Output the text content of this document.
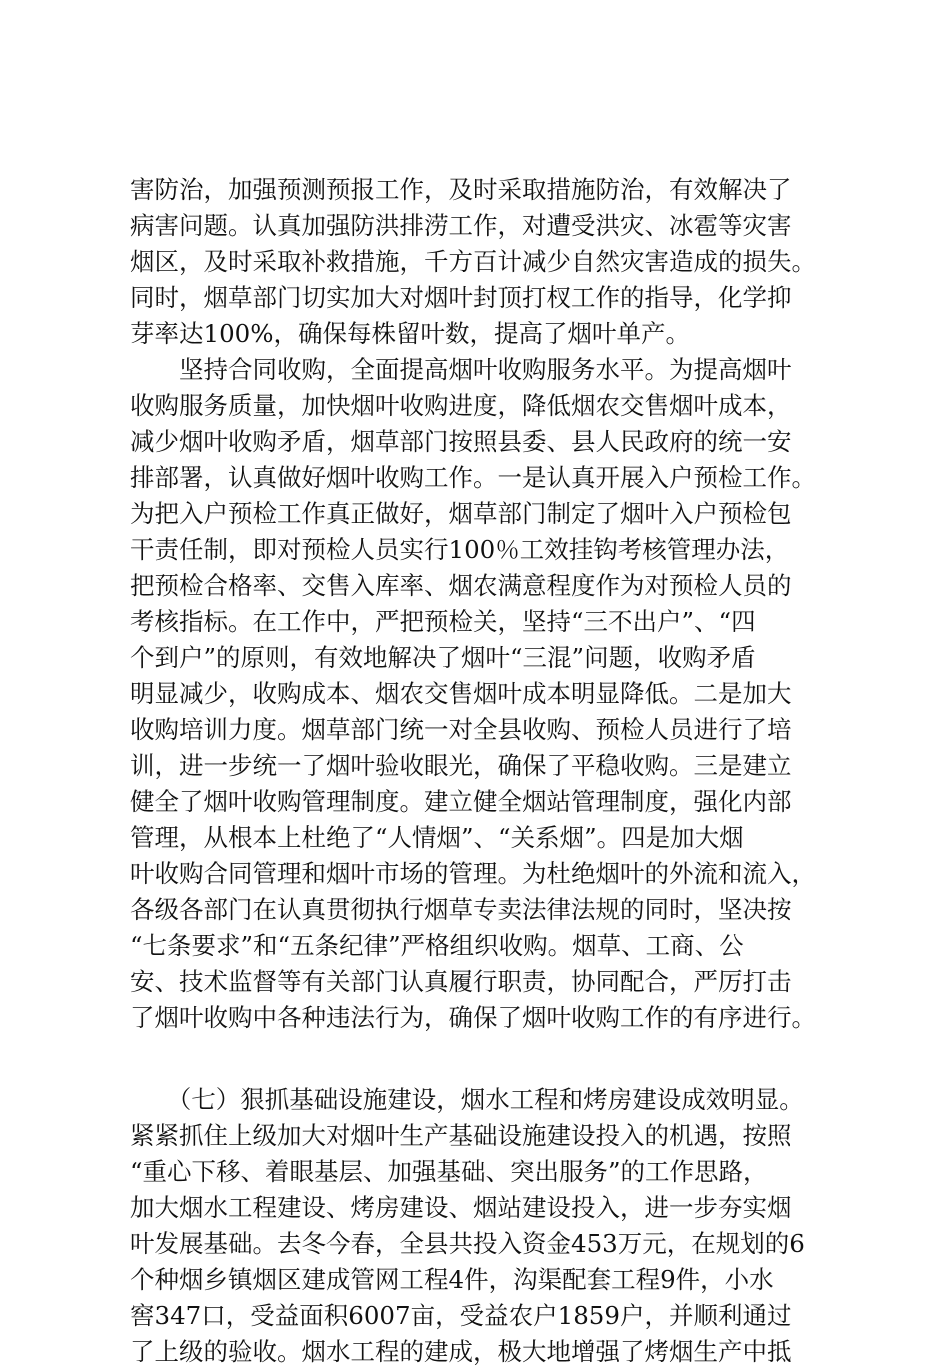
害防治，加强预测预报工作，及时采取措施防治，有效解决了
病害问题。认真加强防洪排涝工作，对遭受洪灾、冰雹等灾害
烟区，及时采取补救措施，千方百计减少自然灾害造成的损失。
同时，烟草部门切实加大对烟叶封顶打杈工作的指导，化学抑
芽率达100%，确保每株留叶数，提高了烟叶单产。
　　坚持合同收购，全面提高烟叶收购服务水平。为提高烟叶
收购服务质量，加快烟叶收购进度，降低烟农交售烟叶成本，
减少烟叶收购矛盾，烟草部门按照县委、县人民政府的统一安
排部署，认真做好烟叶收购工作。一是认真开展入户预检工作。
为把入户预检工作真正做好，烟草部门制定了烟叶入户预检包
干责任制，即对预检人员实行100％工效挂钩考核管理办法，
把预检合格率、交售入库率、烟农满意程度作为对预检人员的
考核指标。在工作中，严把预检关，坚持“三不出户”、“四
个到户”的原则，有效地解决了烟叶“三混”问题，收购矛盾
明显减少，收购成本、烟农交售烟叶成本明显降低。二是加大
收购培训力度。烟草部门统一对全县收购、预检人员进行了培
训，进一步统一了烟叶验收眼光，确保了平稳收购。三是建立
健全了烟叶收购管理制度。建立健全烟站管理制度，强化内部
管理，从根本上杜绝了“人情烟”、“关系烟”。四是加大烟
叶收购合同管理和烟叶市场的管理。为杜绝烟叶的外流和流入，
各级各部门在认真贯彻执行烟草专卖法律法规的同时，坚决按
“七条要求”和“五条纪律”严格组织收购。烟草、工商、公
安、技术监督等有关部门认真履行职责，协同配合，严厉打击
了烟叶收购中各种违法行为，确保了烟叶收购工作的有序进行。
　　（七）狠抓基础设施建设，烟水工程和烤房建设成效明显。
紧紧抓住上级加大对烟叶生产基础设施建设投入的机遇，按照
“重心下移、着眼基层、加强基础、突出服务”的工作思路，
加大烟水工程建设、烤房建设、烟站建设投入，进一步夯实烟
叶发展基础。去冬今春，全县共投入资金453万元，在规划的6
个种烟乡镇烟区建成管网工程4件，沟渠配套工程9件，小水
窖347口，受益面积6007亩，受益农户1859户，并顺利通过
了上级的验收。烟水工程的建成，极大地增强了烤烟生产中抵
